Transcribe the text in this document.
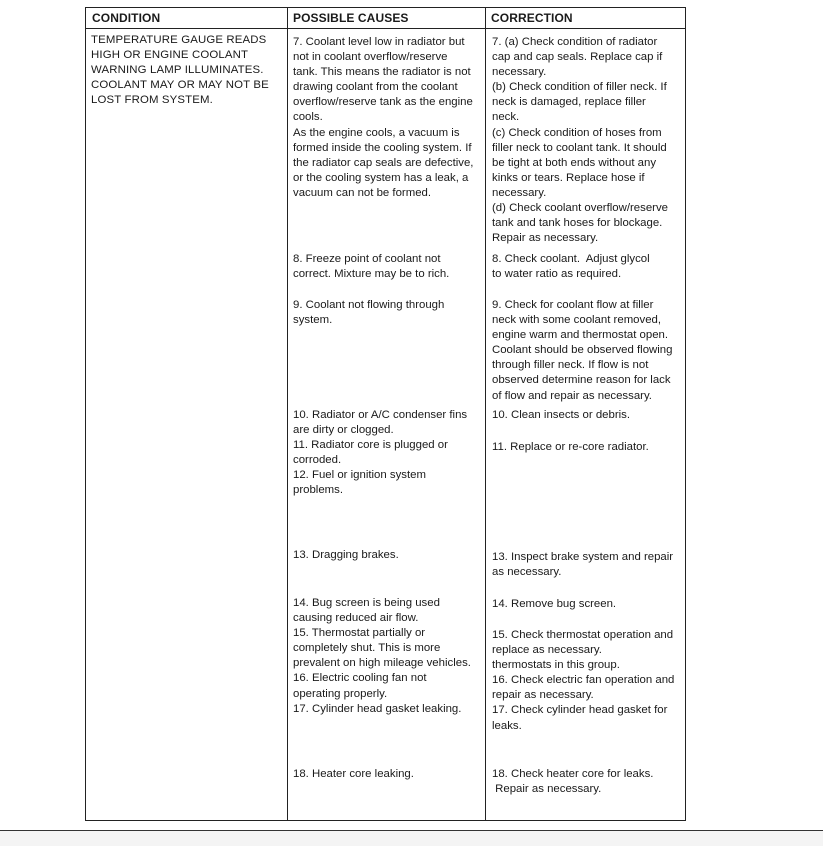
CONDITION	POSSIBLE CAUSES	CORRECTION
TEMPERATURE GAUGE READS
HIGH OR ENGINE COOLANT
WARNING LAMP ILLUMINATES.
COOLANT MAY OR MAY NOT BE
LOST FROM SYSTEM.
7. Coolant level low in radiator but
not in coolant overflow/reserve
tank. This means the radiator is not
drawing coolant from the coolant
overflow/reserve tank as the engine
cools.
As the engine cools, a vacuum is
formed inside the cooling system. If
the radiator cap seals are defective,
or the cooling system has a leak, a
vacuum can not be formed.
8. Freeze point of coolant not
correct. Mixture may be to rich.
9. Coolant not flowing through
system.
10. Radiator or A/C condenser fins
are dirty or clogged.
11. Radiator core is plugged or
corroded.
12. Fuel or ignition system
problems.
13. Dragging brakes.
14. Bug screen is being used
causing reduced air flow.
15. Thermostat partially or
completely shut. This is more
prevalent on high mileage vehicles.
16. Electric cooling fan not
operating properly.
17. Cylinder head gasket leaking.
18. Heater core leaking.
7. (a) Check condition of radiator
cap and cap seals. Replace cap if
necessary.
(b) Check condition of filler neck. If
neck is damaged, replace filler
neck.
(c) Check condition of hoses from
filler neck to coolant tank. It should
be tight at both ends without any
kinks or tears. Replace hose if
necessary.
(d) Check coolant overflow/reserve
tank and tank hoses for blockage.
Repair as necessary.
8. Check coolant.  Adjust glycol
to water ratio as required.
9. Check for coolant flow at filler
neck with some coolant removed,
engine warm and thermostat open.
Coolant should be observed flowing
through filler neck. If flow is not
observed determine reason for lack
of flow and repair as necessary.
10. Clean insects or debris.
11. Replace or re-core radiator.
13. Inspect brake system and repair
as necessary.
14. Remove bug screen.
15. Check thermostat operation and
replace as necessary.
thermostats in this group.
16. Check electric fan operation and
repair as necessary.
17. Check cylinder head gasket for
leaks.
18. Check heater core for leaks.
Repair as necessary.
